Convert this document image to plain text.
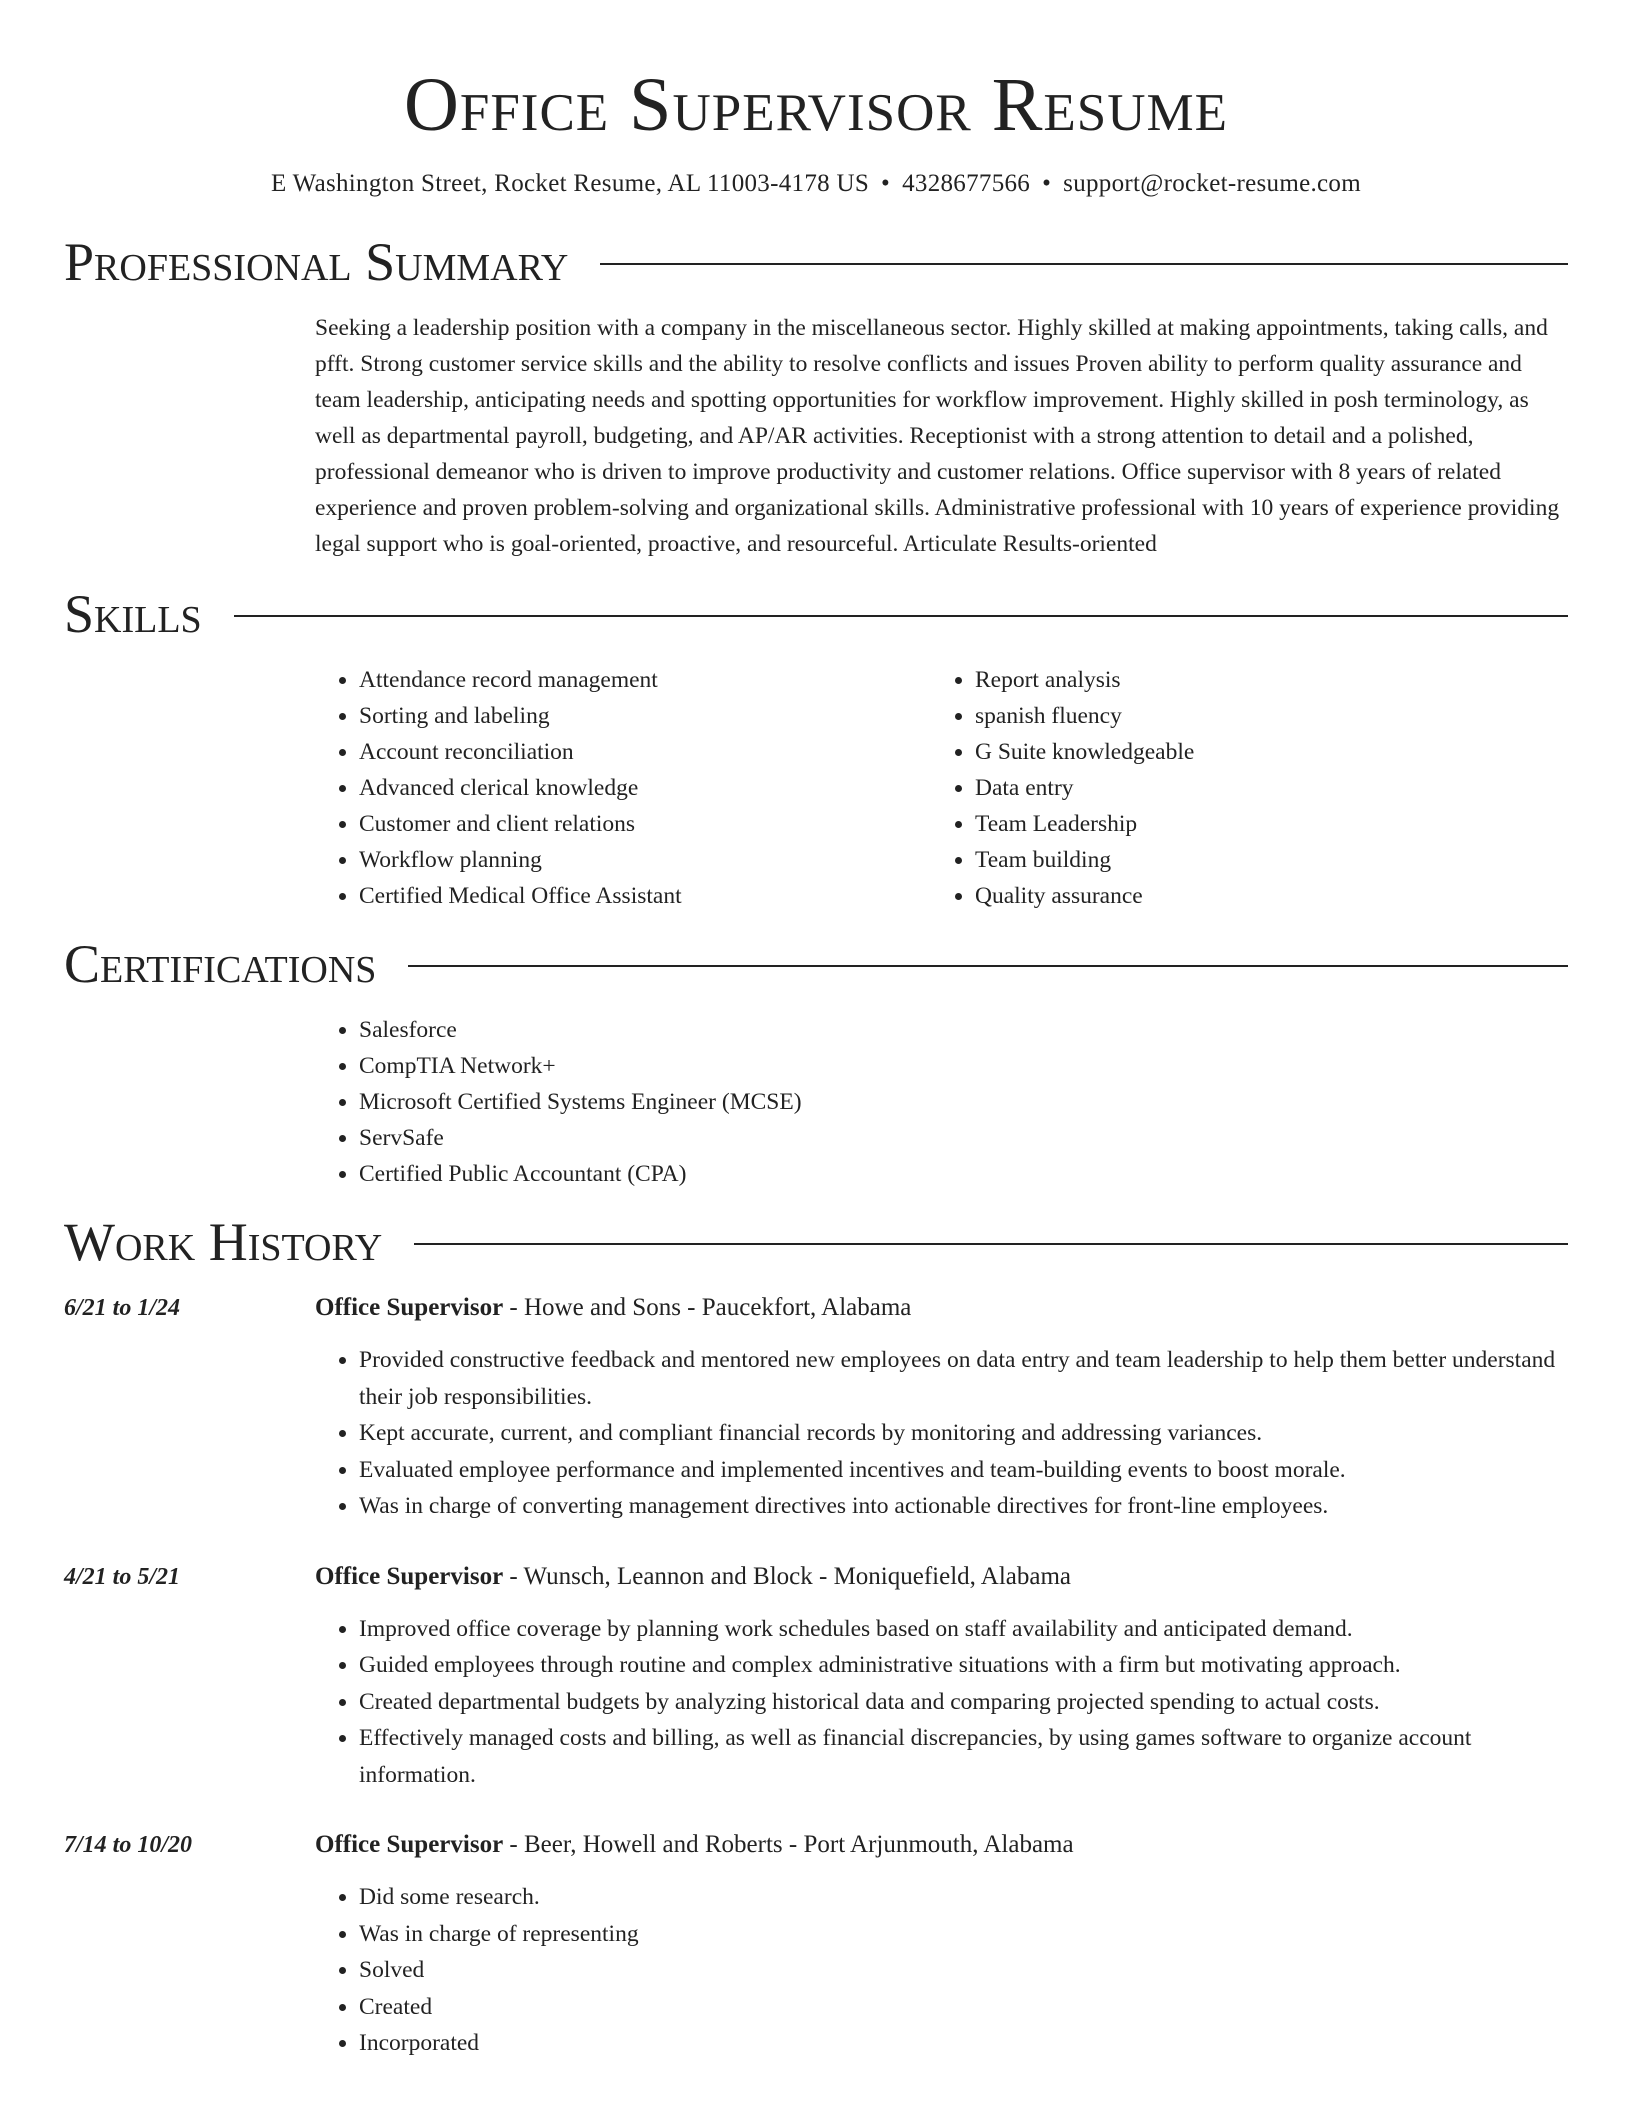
Office Supervisor Resume
E Washington Street, Rocket Resume, AL 11003-4178 US • 4328677566 • support@rocket-resume.com
Professional Summary

Seeking a leadership position with a company in the miscellaneous sector. Highly skilled at making appointments, taking calls, and pfft. Strong customer service skills and the ability to resolve conflicts and issues Proven ability to perform quality assurance and team leadership, anticipating needs and spotting opportunities for workflow improvement. Highly skilled in posh terminology, as well as departmental payroll, budgeting, and AP/AR activities. Receptionist with a strong attention to detail and a polished, professional demeanor who is driven to improve productivity and customer relations. Office supervisor with 8 years of related experience and proven problem-solving and organizational skills. Administrative professional with 10 years of experience providing legal support who is goal-oriented, proactive, and resourceful. Articulate Results-oriented

Skills
• Attendance record management
• Sorting and labeling
• Account reconciliation
• Advanced clerical knowledge
• Customer and client relations
• Workflow planning
• Certified Medical Office Assistant
• Report analysis
• spanish fluency
• G Suite knowledgeable
• Data entry
• Team Leadership
• Team building
• Quality assurance
Certifications
• Salesforce
• CompTIA Network+
• Microsoft Certified Systems Engineer (MCSE)
• ServSafe
• Certified Public Accountant (CPA)
Work History
6/21 to 1/24	Office Supervisor - Howe and Sons - Paucekfort, Alabama
• Provided constructive feedback and mentored new employees on data entry and team leadership to help them better understand their job responsibilities.
• Kept accurate, current, and compliant financial records by monitoring and addressing variances.
• Evaluated employee performance and implemented incentives and team-building events to boost morale.
• Was in charge of converting management directives into actionable directives for front-line employees.
4/21 to 5/21	Office Supervisor - Wunsch, Leannon and Block - Moniquefield, Alabama
• Improved office coverage by planning work schedules based on staff availability and anticipated demand.
• Guided employees through routine and complex administrative situations with a firm but motivating approach.
• Created departmental budgets by analyzing historical data and comparing projected spending to actual costs.
• Effectively managed costs and billing, as well as financial discrepancies, by using games software to organize account information.
7/14 to 10/20	Office Supervisor - Beer, Howell and Roberts - Port Arjunmouth, Alabama
• Did some research.
• Was in charge of representing
• Solved
• Created
• Incorporated
